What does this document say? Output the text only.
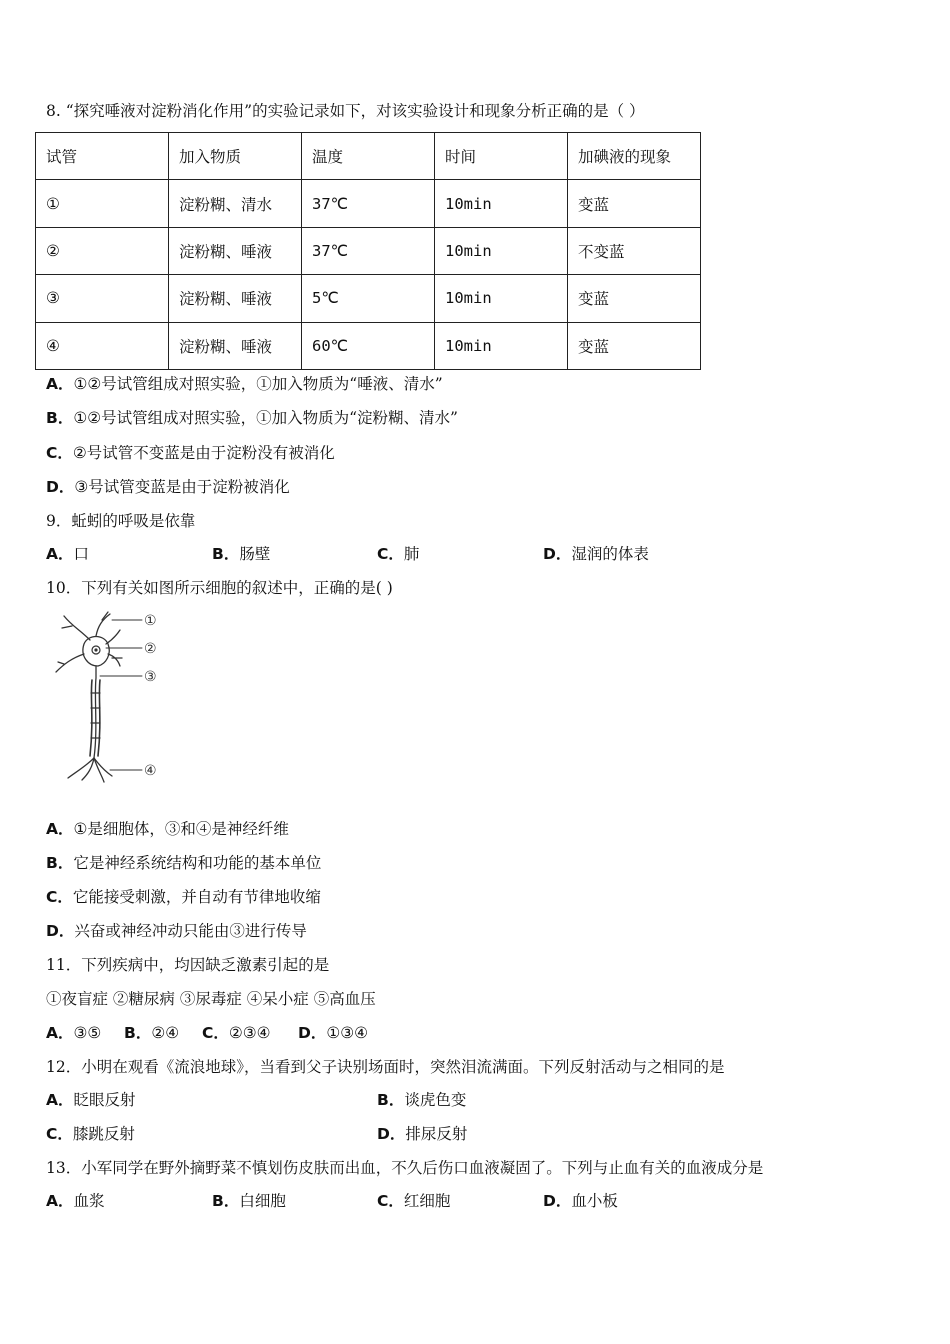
8. “探究唾液对淀粉消化作用”的实验记录如下，对该实验设计和现象分析正确的是（ ）
试管	加入物质	温度	时间	加碘液的现象
①	淀粉糊、清水	37℃	10min	变蓝
②	淀粉糊、唾液	37℃	10min	不变蓝
③	淀粉糊、唾液	5℃	10min	变蓝
④	淀粉糊、唾液	60℃	10min	变蓝
A．①②号试管组成对照实验，①加入物质为“唾液、清水”
B．①②号试管组成对照实验，①加入物质为“淀粉糊、清水”
C．②号试管不变蓝是由于淀粉没有被消化
D．③号试管变蓝是由于淀粉被消化
9．蚯蚓的呼吸是依靠
A．口	B．肠壁	C．肺	D．湿润的体表
10．下列有关如图所示细胞的叙述中，正确的是( )
①
②
③
④
A．①是细胞体，③和④是神经纤维
B．它是神经系统结构和功能的基本单位
C．它能接受刺激，并自动有节律地收缩
D．兴奋或神经冲动只能由③进行传导
11．下列疾病中，均因缺乏激素引起的是
①夜盲症 ②糖尿病 ③尿毒症 ④呆小症 ⑤高血压
A．③⑤ B．②④ C．②③④ D．①③④
12．小明在观看《流浪地球》，当看到父子诀别场面时，突然泪流满面。下列反射活动与之相同的是
A．眨眼反射	B．谈虎色变
C．膝跳反射	D．排尿反射
13．小军同学在野外摘野菜不慎划伤皮肤而出血，不久后伤口血液凝固了。下列与止血有关的血液成分是
A．血浆	B．白细胞	C．红细胞	D．血小板
